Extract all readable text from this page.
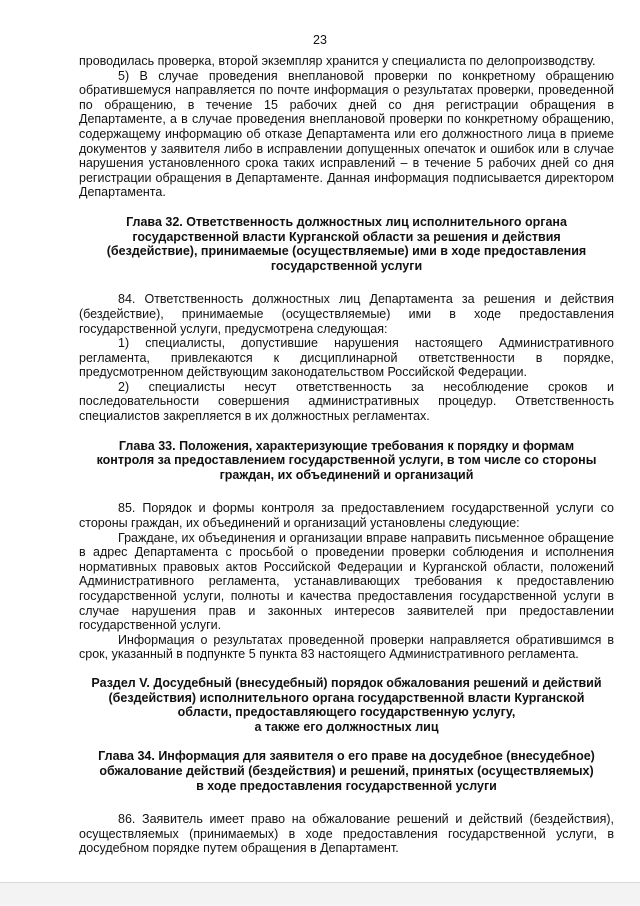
23

проводилась проверка, второй экземпляр хранится у специалиста по делопроизводству.

5) В случае проведения внеплановой проверки по конкретному обращению обратившемуся направляется по почте информация о результатах проверки, проведенной по обращению, в течение 15 рабочих дней со дня регистрации обращения в Департаменте, а в случае проведения внеплановой проверки по конкретному обращению, содержащему информацию об отказе Департамента или его должностного лица в приеме документов у заявителя либо в исправлении допущенных опечаток и ошибок или в случае нарушения установленного срока таких исправлений – в течение 5 рабочих дней со дня регистрации обращения в Департаменте. Данная информация подписывается директором Департамента.

Глава 32. Ответственность должностных лиц исполнительного органа
государственной власти Курганской области за решения и действия
(бездействие), принимаемые (осуществляемые) ими в ходе предоставления
государственной услуги

84. Ответственность должностных лиц Департамента за решения и действия (бездействие), принимаемые (осуществляемые) ими в ходе предоставления государственной услуги, предусмотрена следующая:

1) специалисты, допустившие нарушения настоящего Административного регламента, привлекаются к дисциплинарной ответственности в порядке, предусмотренном действующим законодательством Российской Федерации.

2) специалисты несут ответственность за несоблюдение сроков и последовательности совершения административных процедур. Ответственность специалистов закрепляется в их должностных регламентах.

Глава 33. Положения, характеризующие требования к порядку и формам
контроля за предоставлением государственной услуги, в том числе со стороны
граждан, их объединений и организаций

85. Порядок и формы контроля за предоставлением государственной услуги со стороны граждан, их объединений и организаций установлены следующие:

Граждане, их объединения и организации вправе направить письменное обращение в адрес Департамента с просьбой о проведении проверки соблюдения и исполнения нормативных правовых актов Российской Федерации и Курганской области, положений Административного регламента, устанавливающих требования к предоставлению государственной услуги, полноты и качества предоставления государственной услуги в случае нарушения прав и законных интересов заявителей при предоставлении государственной услуги.

Информация о результатах проведенной проверки направляется обратившимся в срок, указанный в подпункте 5 пункта 83 настоящего Административного регламента.

Раздел V. Досудебный (внесудебный) порядок обжалования решений и действий
(бездействия) исполнительного органа государственной власти Курганской
области, предоставляющего государственную услугу,
а также его должностных лиц
Глава 34. Информация для заявителя о его праве на досудебное (внесудебное)
обжалование действий (бездействия) и решений, принятых (осуществляемых)
в ходе предоставления государственной услуги

86. Заявитель имеет право на обжалование решений и действий (бездействия), осуществляемых (принимаемых) в ходе предоставления государственной услуги, в досудебном порядке путем обращения в Департамент.
